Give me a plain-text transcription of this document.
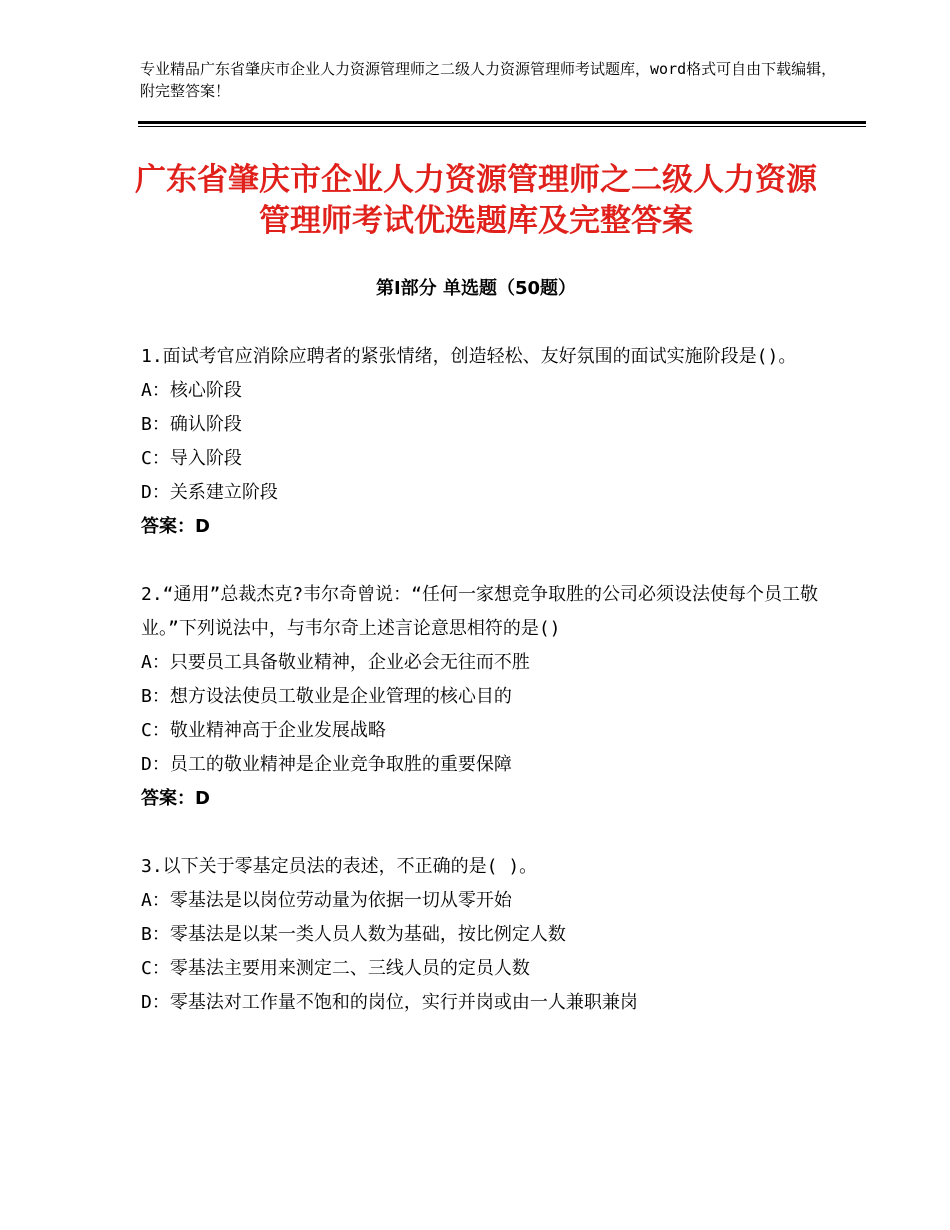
专业精品广东省肇庆市企业人力资源管理师之二级人力资源管理师考试题库，word格式可自由下载编辑，附完整答案！
广东省肇庆市企业人力资源管理师之二级人力资源管理师考试优选题库及完整答案
第Ⅰ部分 单选题（50题）

1.面试考官应消除应聘者的紧张情绪，创造轻松、友好氛围的面试实施阶段是()。

A：核心阶段

B：确认阶段

C：导入阶段

D：关系建立阶段

答案：D

2.“通用”总裁杰克?韦尔奇曾说：“任何一家想竞争取胜的公司必须设法使每个员工敬业。”下列说法中，与韦尔奇上述言论意思相符的是()

A：只要员工具备敬业精神，企业必会无往而不胜

B：想方设法使员工敬业是企业管理的核心目的

C：敬业精神高于企业发展战略

D：员工的敬业精神是企业竞争取胜的重要保障

答案：D

3.以下关于零基定员法的表述，不正确的是( )。

A：零基法是以岗位劳动量为依据一切从零开始

B：零基法是以某一类人员人数为基础，按比例定人数

C：零基法主要用来测定二、三线人员的定员人数

D：零基法对工作量不饱和的岗位，实行并岗或由一人兼职兼岗
